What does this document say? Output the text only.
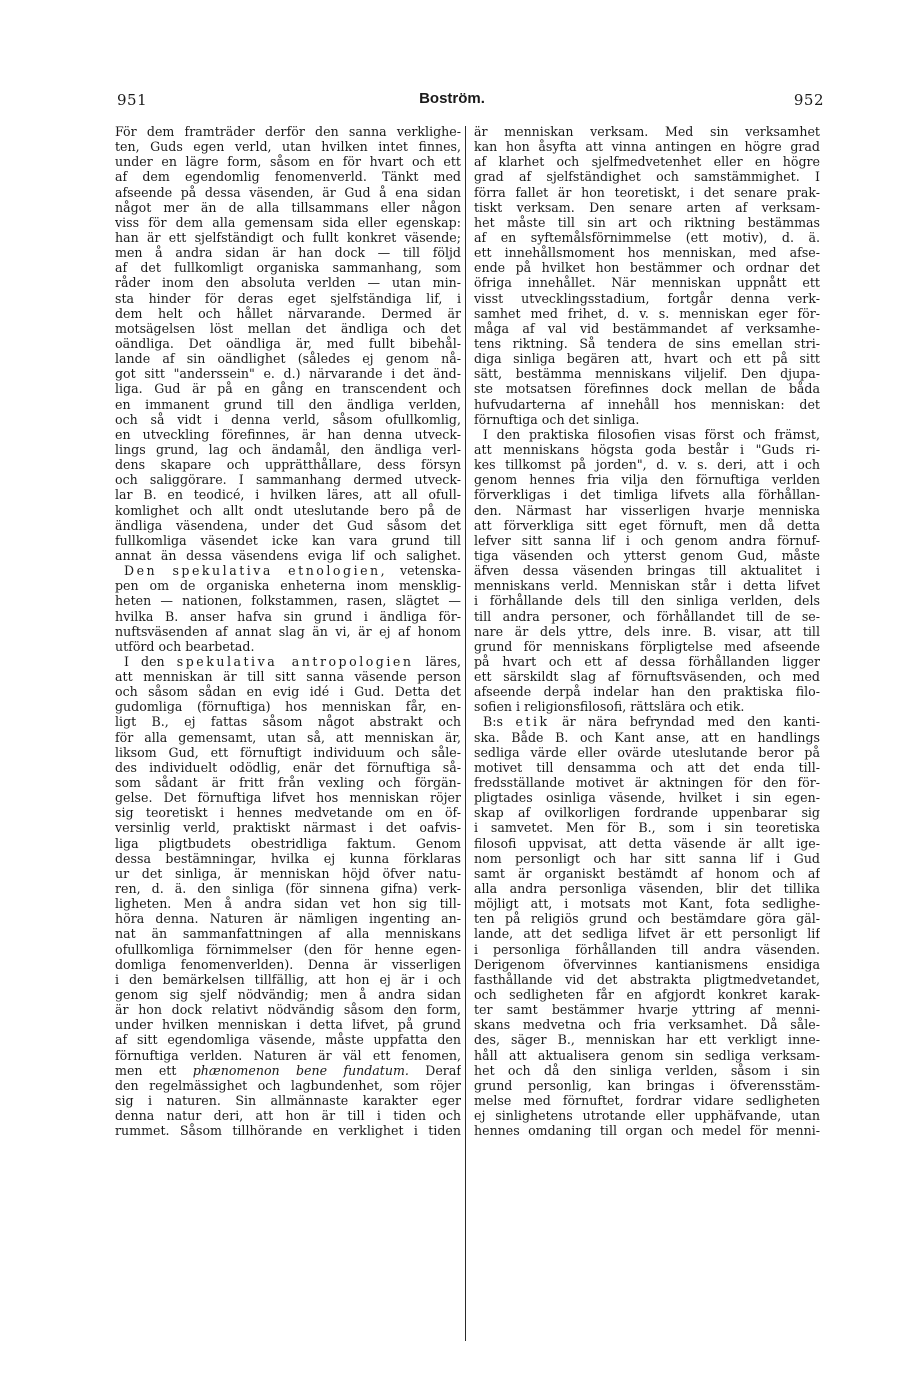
951	Boström.	952
För dem framträder derför den sanna verklighe-
ten, Guds egen verld, utan hvilken intet finnes,
under en lägre form, såsom en för hvart och ett
af dem egendomlig fenomenverld. Tänkt med
afseende på dessa väsenden, är Gud å ena sidan
något mer än de alla tillsammans eller någon
viss för dem alla gemensam sida eller egenskap:
han är ett sjelfständigt och fullt konkret väsende;
men å andra sidan är han dock — till följd
af det fullkomligt organiska sammanhang, som
råder inom den absoluta verlden — utan min-
sta hinder för deras eget sjelfständiga lif, i
dem helt och hållet närvarande. Dermed är
motsägelsen löst mellan det ändliga och det
oändliga. Det oändliga är, med fullt bibehål-
lande af sin oändlighet (således ej genom nå-
got sitt "anderssein" e. d.) närvarande i det änd-
liga. Gud är på en gång en transcendent och
en immanent grund till den ändliga verlden,
och så vidt i denna verld, såsom ofullkomlig,
en utveckling förefinnes, är han denna utveck-
lings grund, lag och ändamål, den ändliga verl-
dens skapare och upprätthållare, dess försyn
och saliggörare. I sammanhang dermed utveck-
lar B. en teodicé, i hvilken läres, att all ofull-
komlighet och allt ondt uteslutande bero på de
ändliga väsendena, under det Gud såsom det
fullkomliga väsendet icke kan vara grund till
annat än dessa väsendens eviga lif och salighet.
Den spekulativa etnologien, vetenska-
pen om de organiska enheterna inom mensklig-
heten — nationen, folkstammen, rasen, slägtet —
hvilka B. anser hafva sin grund i ändliga för-
nuftsväsenden af annat slag än vi, är ej af honom
utförd och bearbetad.
I den spekulativa antropologien läres,
att menniskan är till sitt sanna väsende person
och såsom sådan en evig idé i Gud. Detta det
gudomliga (förnuftiga) hos menniskan får, en-
ligt B., ej fattas såsom något abstrakt och
för alla gemensamt, utan så, att menniskan är,
liksom Gud, ett förnuftigt individuum och såle-
des individuelt odödlig, enär det förnuftiga så-
som sådant är fritt från vexling och förgän-
gelse. Det förnuftiga lifvet hos menniskan röjer
sig teoretiskt i hennes medvetande om en öf-
versinlig verld, praktiskt närmast i det oafvis-
liga pligtbudets obestridliga faktum. Genom
dessa bestämningar, hvilka ej kunna förklaras
ur det sinliga, är menniskan höjd öfver natu-
ren, d. ä. den sinliga (för sinnena gifna) verk-
ligheten. Men å andra sidan vet hon sig till-
höra denna. Naturen är nämligen ingenting an-
nat än sammanfattningen af alla menniskans
ofullkomliga förnimmelser (den för henne egen-
domliga fenomenverlden). Denna är visserligen
i den bemärkelsen tillfällig, att hon ej är i och
genom sig sjelf nödvändig; men å andra sidan
är hon dock relativt nödvändig såsom den form,
under hvilken menniskan i detta lifvet, på grund
af sitt egendomliga väsende, måste uppfatta den
förnuftiga verlden. Naturen är väl ett fenomen,
men ett phænomenon bene fundatum. Deraf
den regelmässighet och lagbundenhet, som röjer
sig i naturen. Sin allmännaste karakter eger
denna natur deri, att hon är till i tiden och
rummet. Såsom tillhörande en verklighet i tiden
är menniskan verksam. Med sin verksamhet
kan hon åsyfta att vinna antingen en högre grad
af klarhet och sjelfmedvetenhet eller en högre
grad af sjelfständighet och samstämmighet. I
förra fallet är hon teoretiskt, i det senare prak-
tiskt verksam. Den senare arten af verksam-
het måste till sin art och riktning bestämmas
af en syftemålsförnimmelse (ett motiv), d. ä.
ett innehållsmoment hos menniskan, med afse-
ende på hvilket hon bestämmer och ordnar det
öfriga innehållet. När menniskan uppnått ett
visst utvecklingsstadium, fortgår denna verk-
samhet med frihet, d. v. s. menniskan eger för-
måga af val vid bestämmandet af verksamhe-
tens riktning. Så tendera de sins emellan stri-
diga sinliga begären att, hvart och ett på sitt
sätt, bestämma menniskans viljelif. Den djupa-
ste motsatsen förefinnes dock mellan de båda
hufvudarterna af innehåll hos menniskan: det
förnuftiga och det sinliga.
I den praktiska filosofien visas först och främst,
att menniskans högsta goda består i "Guds ri-
kes tillkomst på jorden", d. v. s. deri, att i och
genom hennes fria vilja den förnuftiga verlden
förverkligas i det timliga lifvets alla förhållan-
den. Närmast har visserligen hvarje menniska
att förverkliga sitt eget förnuft, men då detta
lefver sitt sanna lif i och genom andra förnuf-
tiga väsenden och ytterst genom Gud, måste
äfven dessa väsenden bringas till aktualitet i
menniskans verld. Menniskan står i detta lifvet
i förhållande dels till den sinliga verlden, dels
till andra personer, och förhållandet till de se-
nare är dels yttre, dels inre. B. visar, att till
grund för menniskans förpligtelse med afseende
på hvart och ett af dessa förhållanden ligger
ett särskildt slag af förnuftsväsenden, och med
afseende derpå indelar han den praktiska filo-
sofien i religionsfilosofi, rättslära och etik.
B:s etik är nära befryndad med den kanti-
ska. Både B. och Kant anse, att en handlings
sedliga värde eller ovärde uteslutande beror på
motivet till densamma och att det enda till-
fredsställande motivet är aktningen för den för-
pligtades osinliga väsende, hvilket i sin egen-
skap af ovilkorligen fordrande uppenbarar sig
i samvetet. Men för B., som i sin teoretiska
filosofi uppvisat, att detta väsende är allt ige-
nom personligt och har sitt sanna lif i Gud
samt är organiskt bestämdt af honom och af
alla andra personliga väsenden, blir det tillika
möjligt att, i motsats mot Kant, fota sedlighe-
ten på religiös grund och bestämdare göra gäl-
lande, att det sedliga lifvet är ett personligt lif
i personliga förhållanden till andra väsenden.
Derigenom öfvervinnes kantianismens ensidiga
fasthållande vid det abstrakta pligtmedvetandet,
och sedligheten får en afgjordt konkret karak-
ter samt bestämmer hvarje yttring af menni-
skans medvetna och fria verksamhet. Då såle-
des, säger B., menniskan har ett verkligt inne-
håll att aktualisera genom sin sedliga verksam-
het och då den sinliga verlden, såsom i sin
grund personlig, kan bringas i öfverensstäm-
melse med förnuftet, fordrar vidare sedligheten
ej sinlighetens utrotande eller upphäfvande, utan
hennes omdaning till organ och medel för menni-
